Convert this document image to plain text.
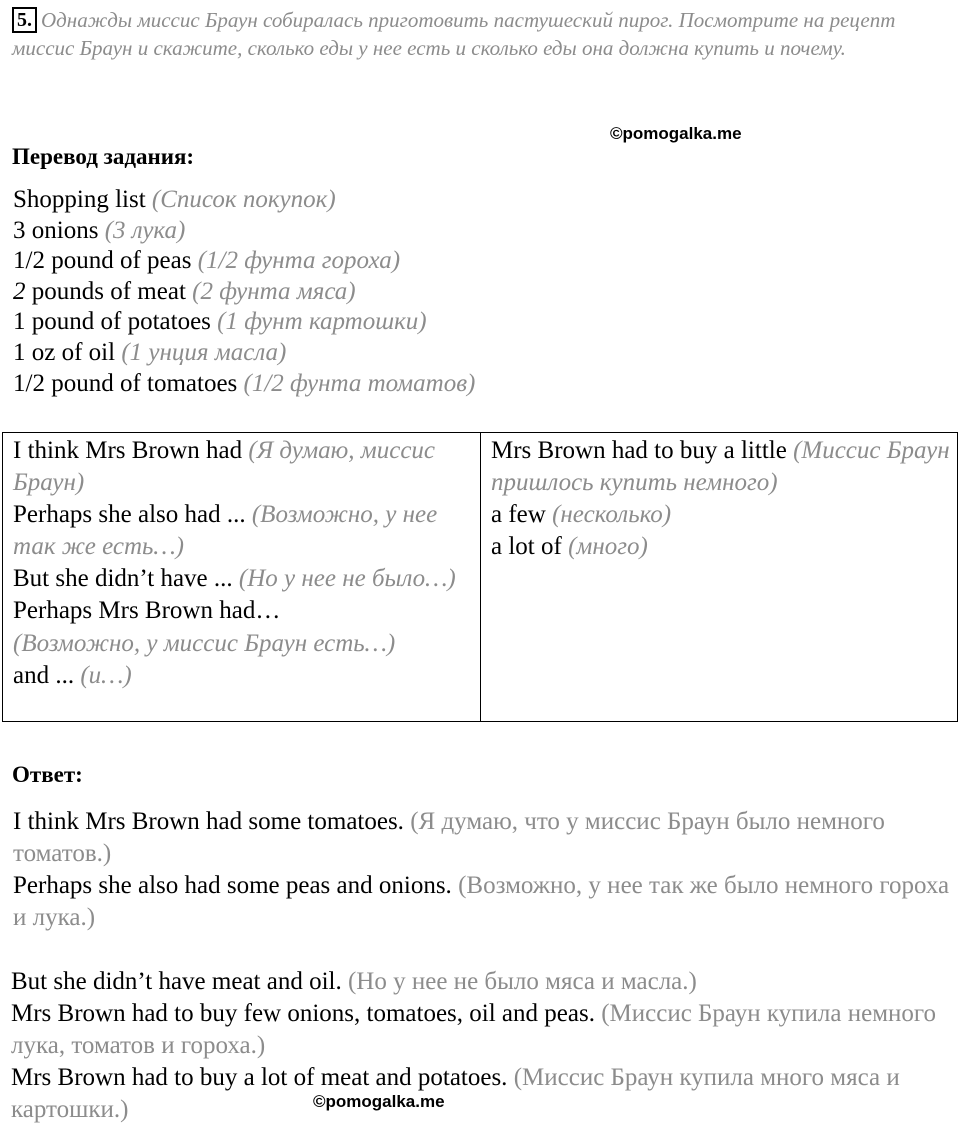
5. Однажды миссис Браун собиралась приготовить пастушеский пирог. Посмотрите на рецепт миссис Браун и скажите, сколько еды у нее есть и сколько еды она должна купить и почему.
©pomogalka.me
Перевод задания:
Shopping list (Список покупок)
3 onions (3 лука)
1/2 pound of peas (1/2 фунта гороха)
2 pounds of meat (2 фунта мяса)
1 pound of potatoes (1 фунт картошки)
1 oz of oil (1 унция масла)
1/2 pound of tomatoes (1/2 фунта томатов)
I think Mrs Brown had (Я думаю, миссис Браун)
Perhaps she also had ... (Возможно, у нее так же есть…)
But she didn’t have ... (Но у нее не было…)
Perhaps Mrs Brown had…
(Возможно, у миссис Браун есть…)
and ... (и…)
Mrs Brown had to buy a little (Миссис Браун пришлось купить немного)
a few (несколько)
a lot of (много)
Ответ:

I think Mrs Brown had some tomatoes. (Я думаю, что у миссис Браун было немного томатов.)

Perhaps she also had some peas and onions. (Возможно, у нее так же было немного гороха и лука.)

But she didn’t have meat and oil. (Но у нее не было мяса и масла.)

Mrs Brown had to buy few onions, tomatoes, oil and peas. (Миссис Браун купила немного лука, томатов и гороха.)

Mrs Brown had to buy a lot of meat and potatoes. (Миссис Браун купила много мяса и картошки.)	©pomogalka.me
